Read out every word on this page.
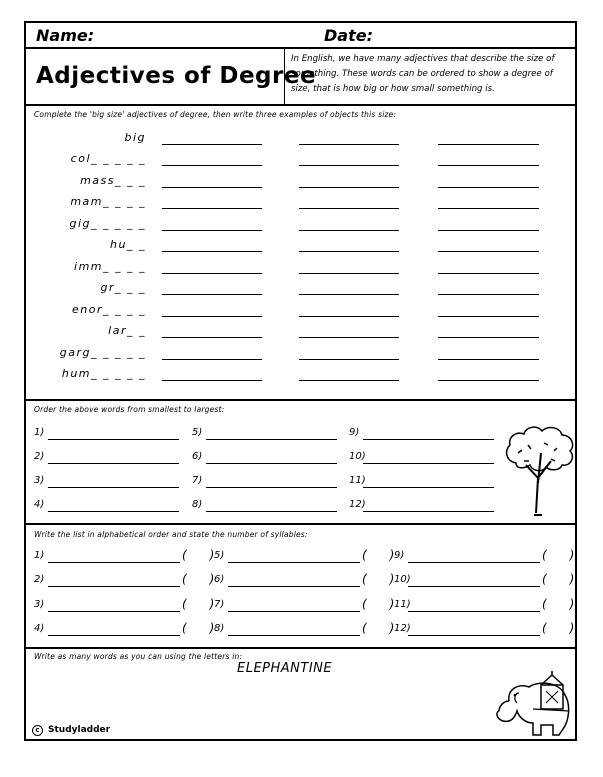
Name:	Date:
Adjectives of Degree
In English, we have many adjectives that describe the size of something. These words can be ordered to show a degree of size, that is how big or how small something is.
Complete the 'big size' adjectives of degree, then write three examples of objects this size:
big
col_ _ _ _ _
mass_ _ _
mam_ _ _ _
gig_ _ _ _ _
hu_ _
imm_ _ _ _
gr_ _ _
enor_ _ _ _
lar_ _
garg_ _ _ _ _
hum_ _ _ _ _
Order the above words from smallest to largest:
1)
2)
3)
4)
5)
6)
7)
8)
9)
10)
11)
12)
Write the list in alphabetical order and state the number of syllables:
1)	(      )
2)	(      )
3)	(      )
4)	(      )
5)	(      )
6)	(      )
7)	(      )
8)	(      )
9)	(      )
10)	(      )
11)	(      )
12)	(      )
Write as many words as you can using the letters in:
ELEPHANTINE
c Studyladder
